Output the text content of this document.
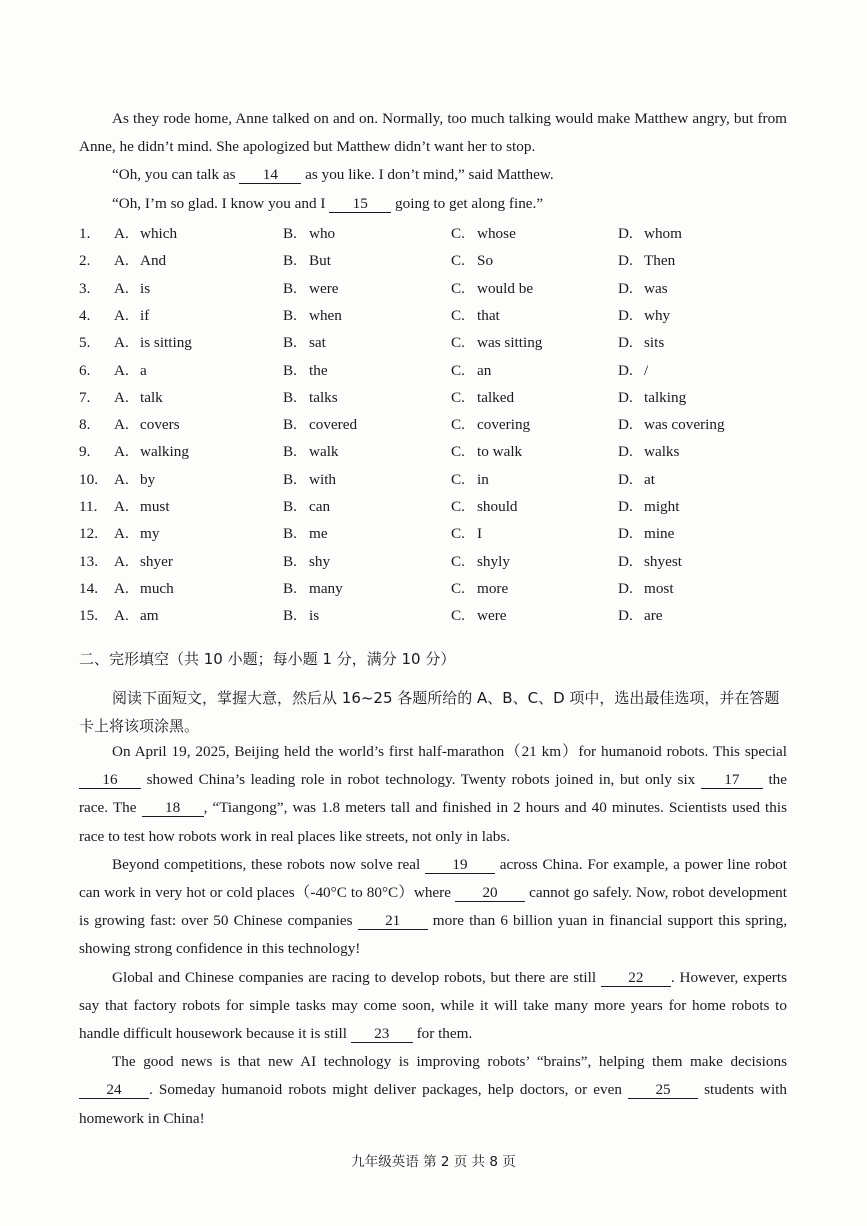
As they rode home, Anne talked on and on. Normally, too much talking would make Matthew angry, but from Anne, he didn’t mind. She apologized but Matthew didn’t want her to stop.

“Oh, you can talk as 14 as you like. I don’t mind,” said Matthew.

“Oh, I’m so glad. I know you and I 15 going to get along fine.”

1. A. which	B. who	C. whose	D. whom
2. A. And	B. But	C. So	D. Then
3. A. is	B. were	C. would be	D. was
4. A. if	B. when	C. that	D. why
5. A. is sitting	B. sat	C. was sitting	D. sits
6. A. a	B. the	C. an	D. /
7. A. talk	B. talks	C. talked	D. talking
8. A. covers	B. covered	C. covering	D. was covering
9. A. walking	B. walk	C. to walk	D. walks
10. A. by	B. with	C. in	D. at
11. A. must	B. can	C. should	D. might
12. A. my	B. me	C. I	D. mine
13. A. shyer	B. shy	C. shyly	D. shyest
14. A. much	B. many	C. more	D. most
15. A. am	B. is	C. were	D. are
二、完形填空（共 10 小题；每小题 1 分，满分 10 分）

阅读下面短文，掌握大意，然后从 16~25 各题所给的 A、B、C、D 项中，选出最佳选项，并在答题卡上将该项涂黑。

On April 19, 2025, Beijing held the world’s first half-marathon（21 km）for humanoid robots. This special 16 showed China’s leading role in robot technology. Twenty robots joined in, but only six 17 the race. The 18 , “Tiangong”, was 1.8 meters tall and finished in 2 hours and 40 minutes. Scientists used this race to test how robots work in real places like streets, not only in labs.

Beyond competitions, these robots now solve real 19 across China. For example, a power line robot can work in very hot or cold places（-40°C to 80°C）where 20 cannot go safely. Now, robot development is growing fast: over 50 Chinese companies 21 more than 6 billion yuan in financial support this spring, showing strong confidence in this technology!

Global and Chinese companies are racing to develop robots, but there are still 22 . However, experts say that factory robots for simple tasks may come soon, while it will take many more years for home robots to handle difficult housework because it is still 23 for them.

The good news is that new AI technology is improving robots’ “brains”, helping them make decisions 24 . Someday humanoid robots might deliver packages, help doctors, or even 25 students with homework in China!

九年级英语 第 2 页 共 8 页
